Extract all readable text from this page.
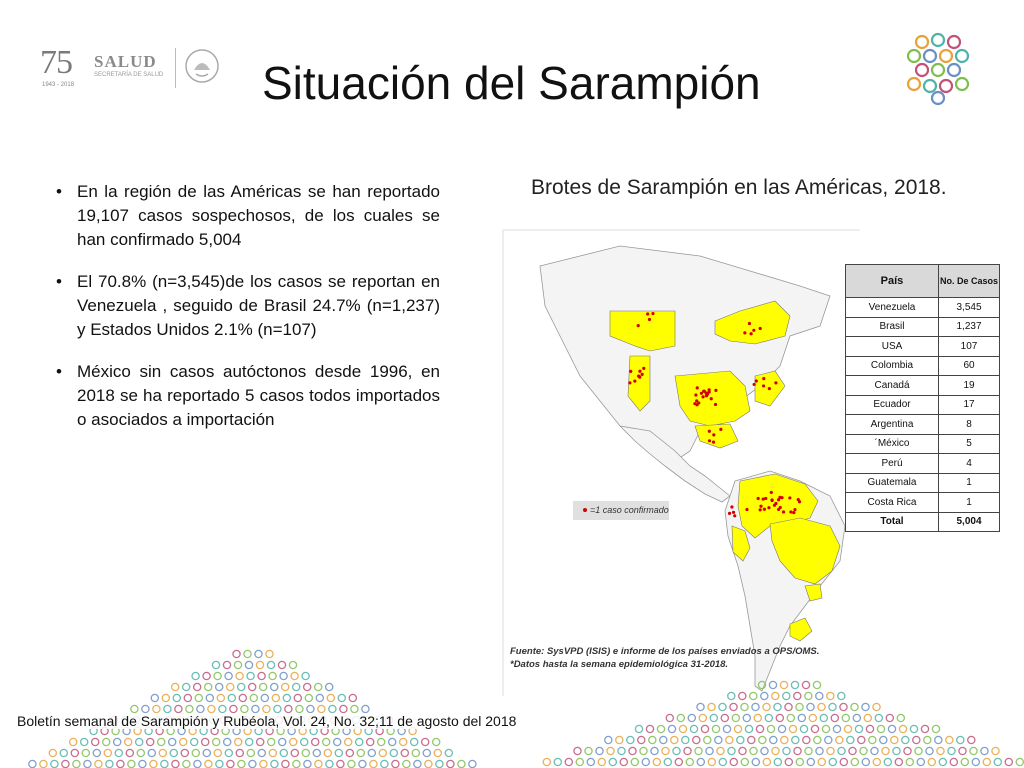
75
1943 - 2018
SALUD
SECRETARÍA DE SALUD Situación del Sarampión
• En la región de las Américas se han reportado 19,107 casos sospechosos, de los cuales se han confirmado 5,004
• El 70.8% (n=3,545)de los casos se reportan en Venezuela , seguido de Brasil 24.7% (n=1,237) y Estados Unidos 2.1% (n=107)
• México sin casos autóctonos desde 1996, en 2018 se ha reportado 5 casos todos importados o asociados a importación
Brotes de Sarampión en las Américas, 2018.
=1 caso confirmado
Fuente: SysVPD (ISIS) e informe de los países enviados a OPS/OMS.
*Datos hasta la semana epidemiológica 31-2018.
País	No. De Casos
Venezuela	3,545
Brasil	1,237
USA	107
Colombia	60
Canadá	19
Ecuador	17
Argentina	8
´México	5
Perú	4
Guatemala	1
Costa Rica	1
Total	5,004
Boletín semanal de Sarampión y Rubéola, Vol. 24, No. 32;11 de agosto del 2018
